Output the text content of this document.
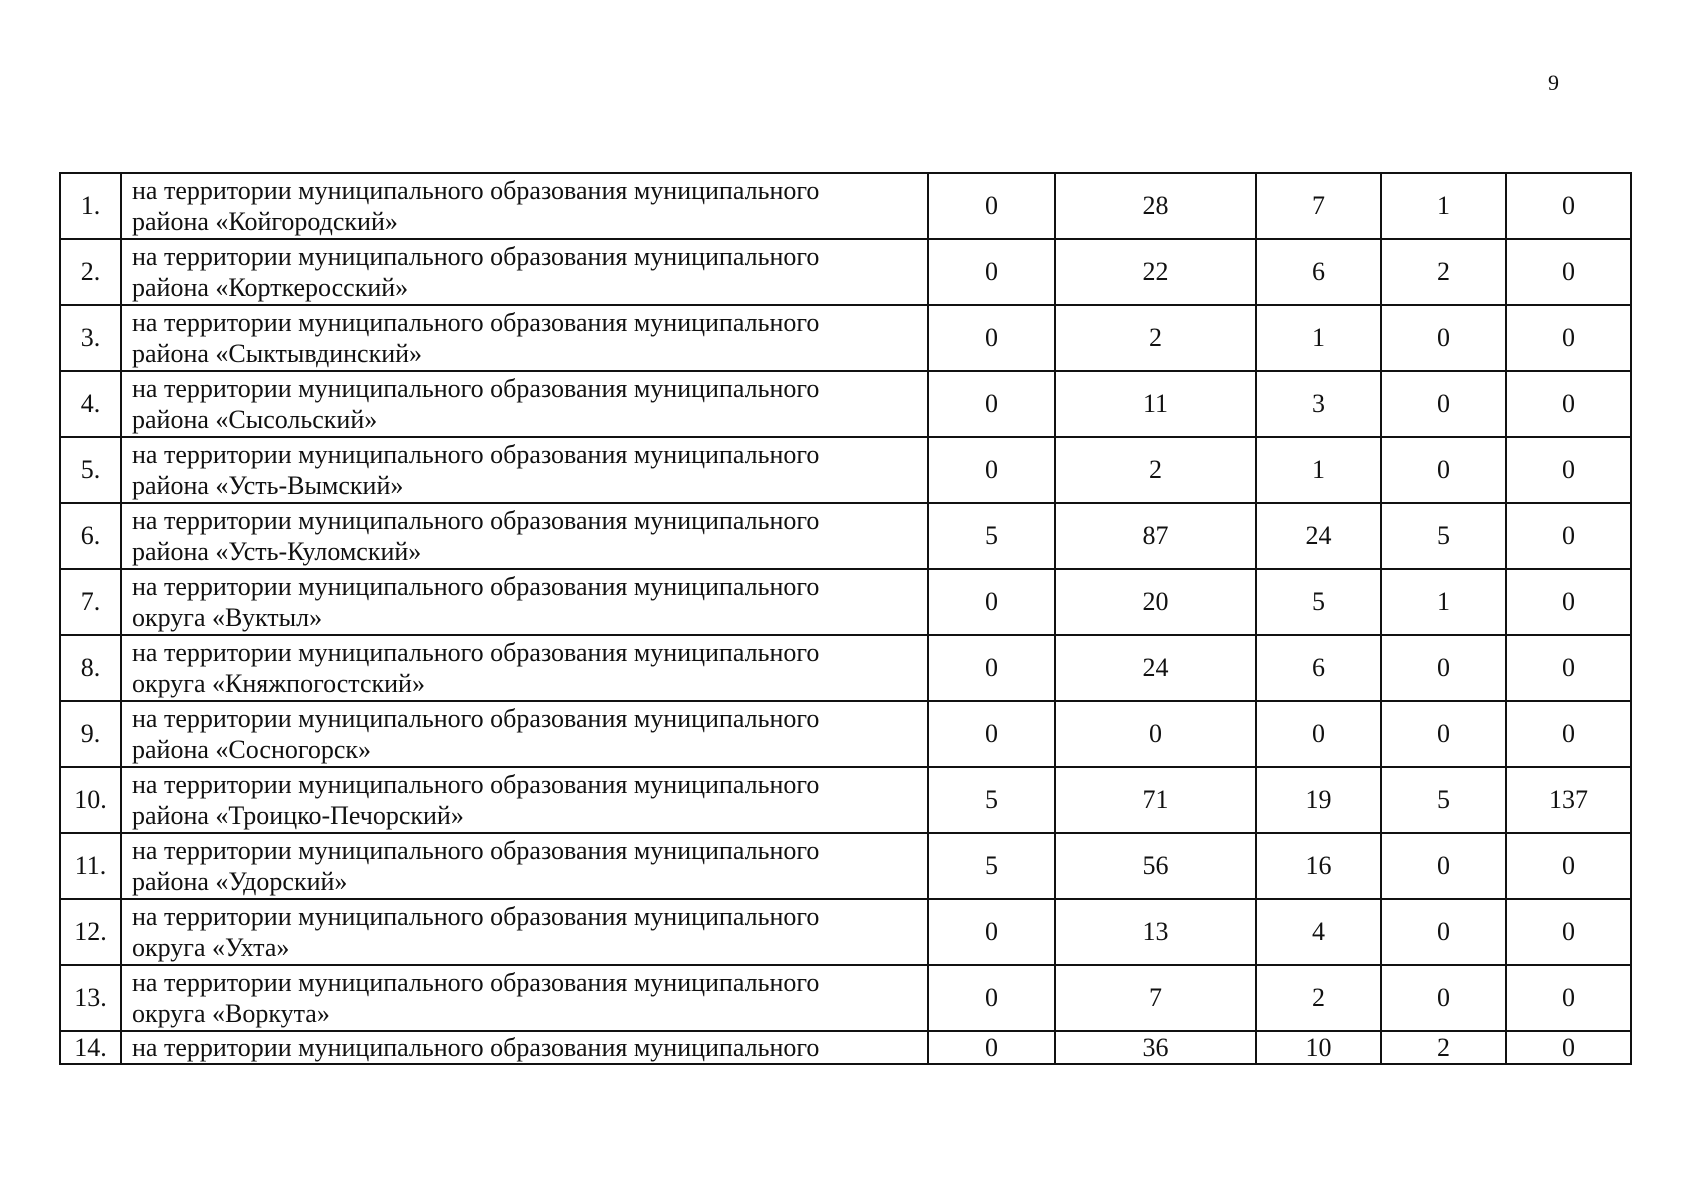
9
1.	на территории муниципального образования муниципального
района «Койгородский»	0	28	7	1	0
2.	на территории муниципального образования муниципального
района «Корткеросский»	0	22	6	2	0
3.	на территории муниципального образования муниципального
района «Сыктывдинский»	0	2	1	0	0
4.	на территории муниципального образования муниципального
района «Сысольский»	0	11	3	0	0
5.	на территории муниципального образования муниципального
района «Усть-Вымский»	0	2	1	0	0
6.	на территории муниципального образования муниципального
района «Усть-Куломский»	5	87	24	5	0
7.	на территории муниципального образования муниципального
округа «Вуктыл»	0	20	5	1	0
8.	на территории муниципального образования муниципального
округа «Княжпогостский»	0	24	6	0	0
9.	на территории муниципального образования муниципального
района «Сосногорск»	0	0	0	0	0
10.	на территории муниципального образования муниципального
района «Троицко-Печорский»	5	71	19	5	137
11.	на территории муниципального образования муниципального
района «Удорский»	5	56	16	0	0
12.	на территории муниципального образования муниципального
округа «Ухта»	0	13	4	0	0
13.	на территории муниципального образования муниципального
округа «Воркута»	0	7	2	0	0
14.	на территории муниципального образования муниципального	0	36	10	2	0
